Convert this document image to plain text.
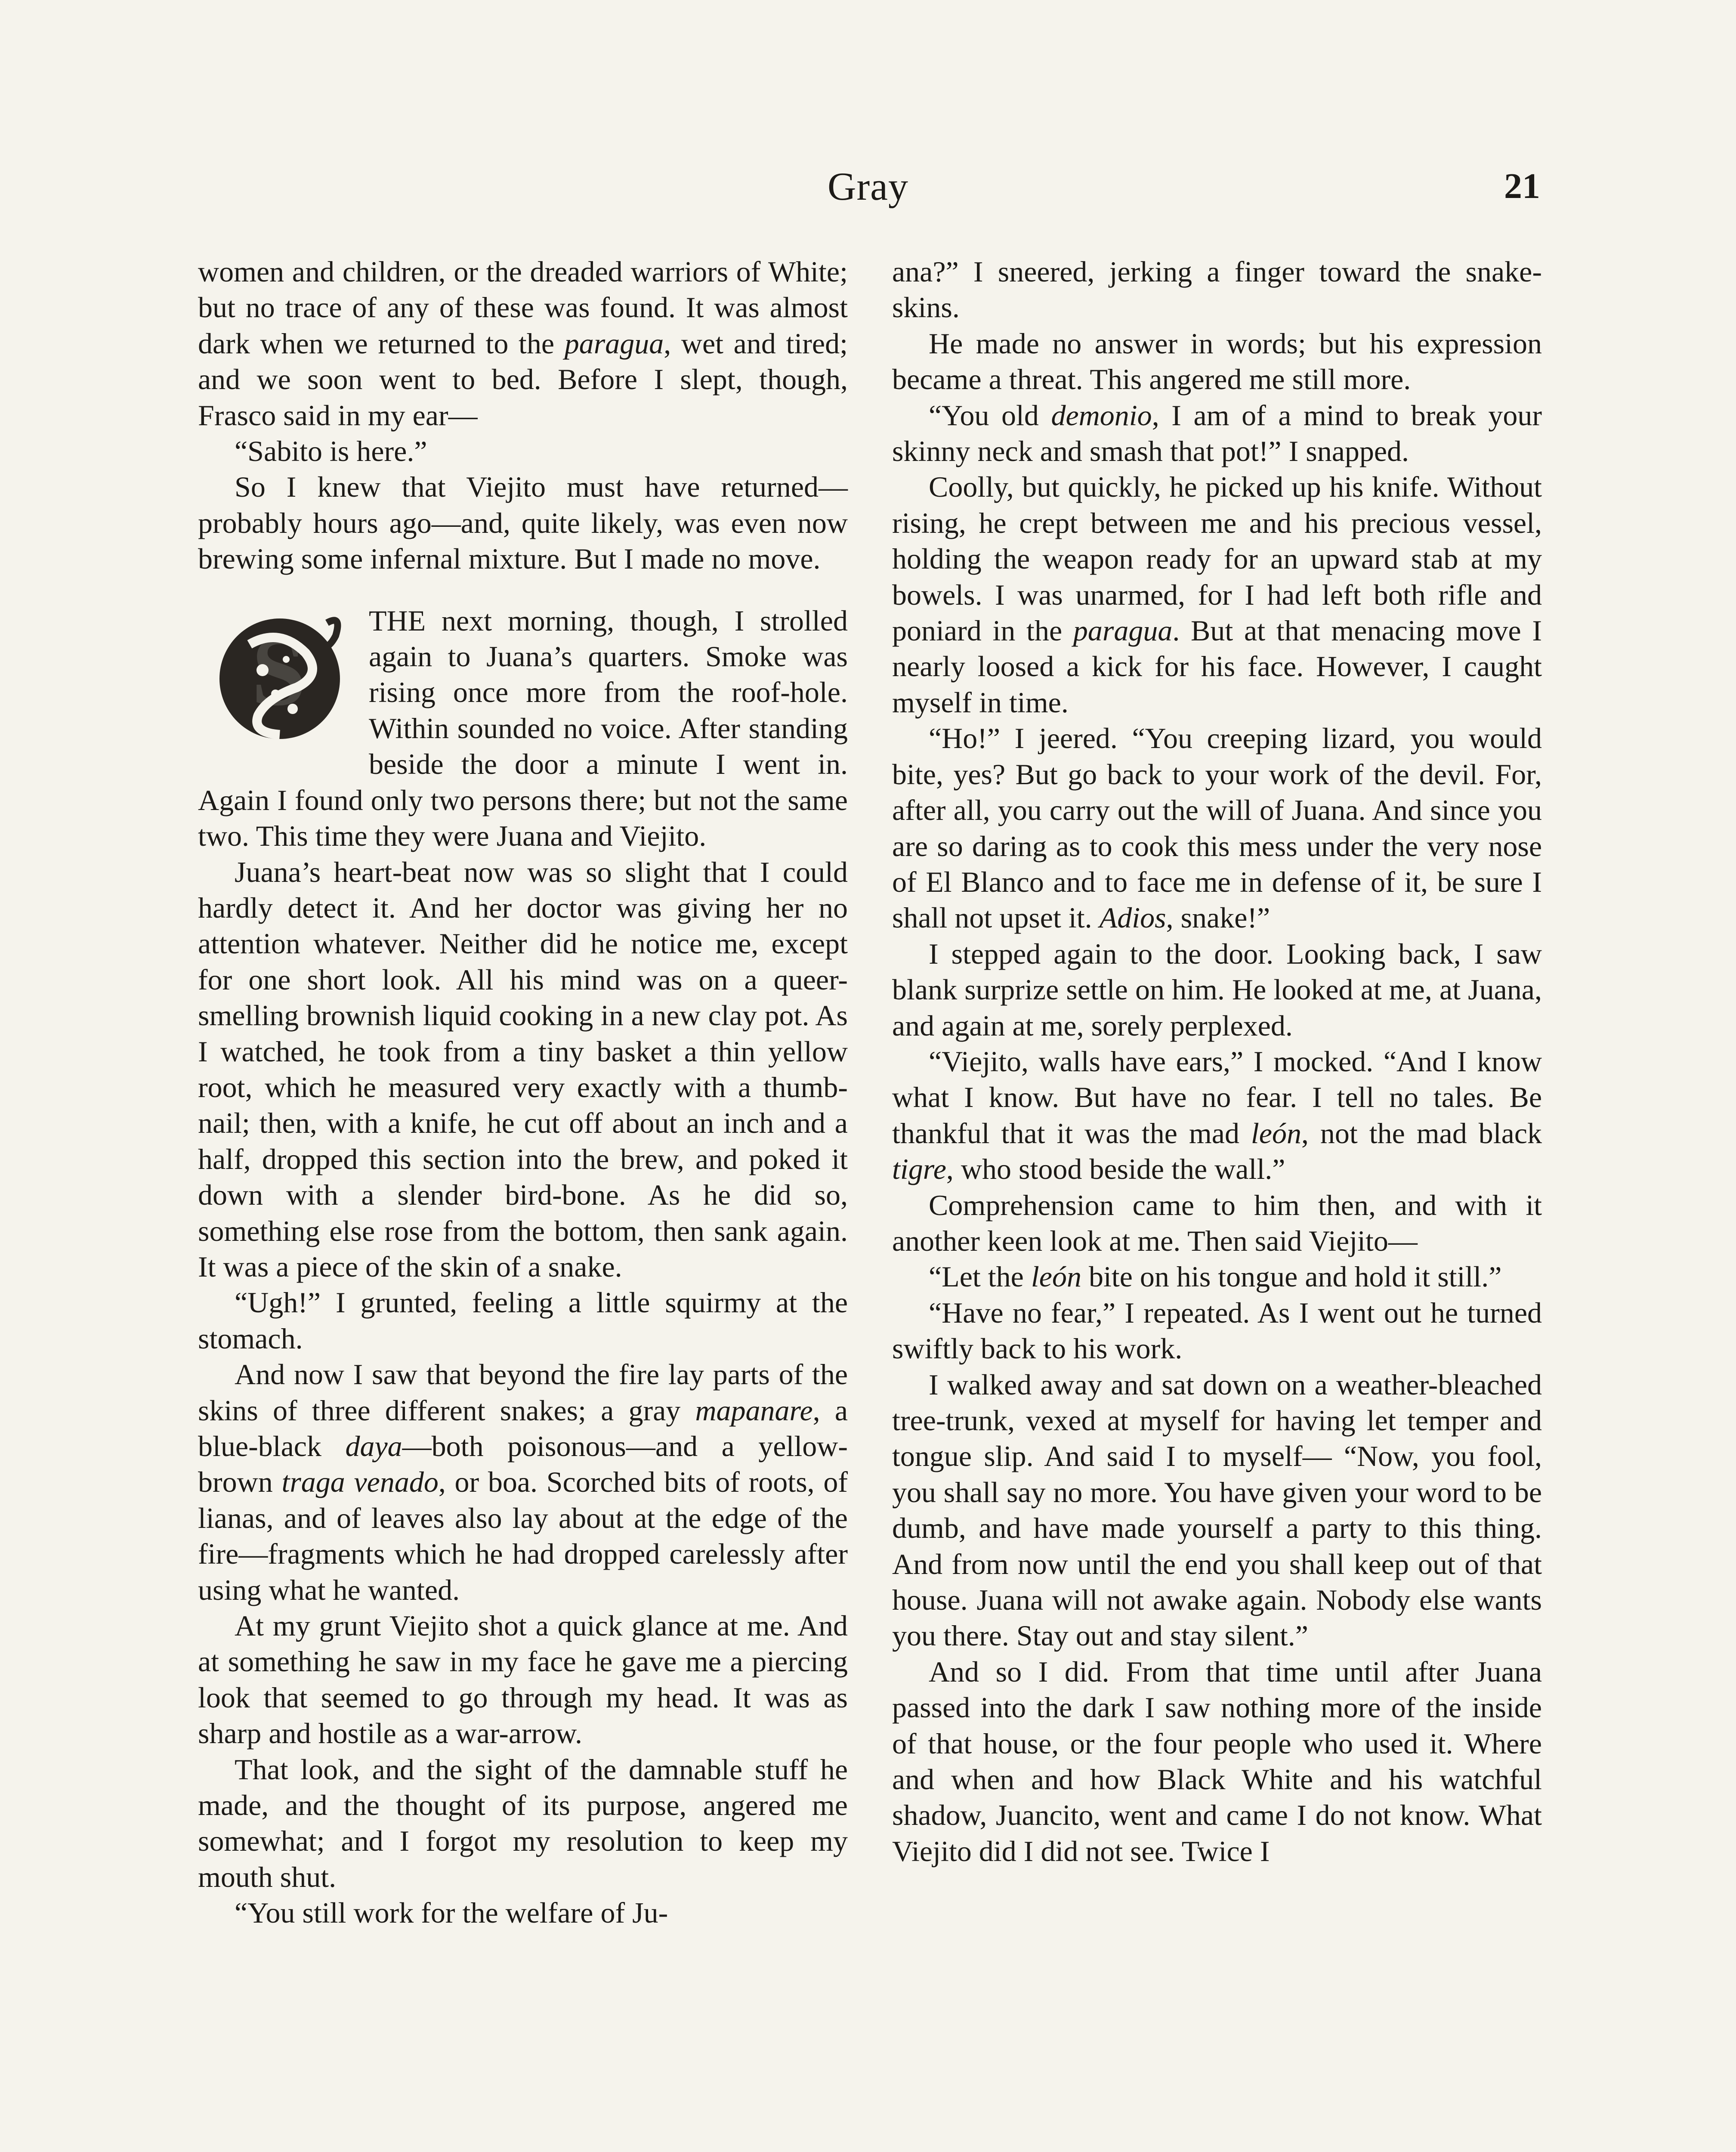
Gray	21

women and children, or the dreaded warriors of White; but no trace of any of these was found. It was almost dark when we returned to the paragua, wet and tired; and we soon went to bed. Before I slept, though, Frasco said in my ear—

“Sabito is here.”

So I knew that Viejito must have returned—probably hours ago—and, quite likely, was even now brewing some infernal mixture. But I made no move.

S THE next morning, though, I strolled again to Juana’s quarters. Smoke was rising once more from the roof-hole. Within sounded no voice. After standing beside the door a minute I went in. Again I found only two persons there; but not the same two. This time they were Juana and Viejito.

Juana’s heart-beat now was so slight that I could hardly detect it. And her doctor was giving her no attention whatever. Neither did he notice me, except for one short look. All his mind was on a queer-smelling brownish liquid cooking in a new clay pot. As I watched, he took from a tiny basket a thin yellow root, which he measured very exactly with a thumb-nail; then, with a knife, he cut off about an inch and a half, dropped this section into the brew, and poked it down with a slender bird-bone. As he did so, something else rose from the bottom, then sank again. It was a piece of the skin of a snake.

“Ugh!” I grunted, feeling a little squirmy at the stomach.

And now I saw that beyond the fire lay parts of the skins of three different snakes; a gray mapanare, a blue-black daya—both poisonous—and a yellow-brown traga venado, or boa. Scorched bits of roots, of lianas, and of leaves also lay about at the edge of the fire—fragments which he had dropped carelessly after using what he wanted.

At my grunt Viejito shot a quick glance at me. And at something he saw in my face he gave me a piercing look that seemed to go through my head. It was as sharp and hostile as a war-arrow.

That look, and the sight of the damnable stuff he made, and the thought of its purpose, angered me somewhat; and I forgot my resolution to keep my mouth shut.

“You still work for the welfare of Ju-

ana?” I sneered, jerking a finger toward the snake-skins.

He made no answer in words; but his expression became a threat. This angered me still more.

“You old demonio, I am of a mind to break your skinny neck and smash that pot!” I snapped.

Coolly, but quickly, he picked up his knife. Without rising, he crept between me and his precious vessel, holding the weapon ready for an upward stab at my bowels. I was unarmed, for I had left both rifle and poniard in the paragua. But at that menacing move I nearly loosed a kick for his face. However, I caught myself in time.

“Ho!” I jeered. “You creeping lizard, you would bite, yes? But go back to your work of the devil. For, after all, you carry out the will of Juana. And since you are so daring as to cook this mess under the very nose of El Blanco and to face me in defense of it, be sure I shall not upset it. Adios, snake!”

I stepped again to the door. Looking back, I saw blank surprize settle on him. He looked at me, at Juana, and again at me, sorely perplexed.

“Viejito, walls have ears,” I mocked. “And I know what I know. But have no fear. I tell no tales. Be thankful that it was the mad león, not the mad black tigre, who stood beside the wall.”

Comprehension came to him then, and with it another keen look at me. Then said Viejito—

“Let the león bite on his tongue and hold it still.”

“Have no fear,” I repeated. As I went out he turned swiftly back to his work.

I walked away and sat down on a weather-bleached tree-trunk, vexed at myself for having let temper and tongue slip. And said I to myself— “Now, you fool, you shall say no more. You have given your word to be dumb, and have made yourself a party to this thing. And from now until the end you shall keep out of that house. Juana will not awake again. Nobody else wants you there. Stay out and stay silent.”

And so I did. From that time until after Juana passed into the dark I saw nothing more of the inside of that house, or the four people who used it. Where and when and how Black White and his watchful shadow, Juancito, went and came I do not know. What Viejito did I did not see. Twice I
